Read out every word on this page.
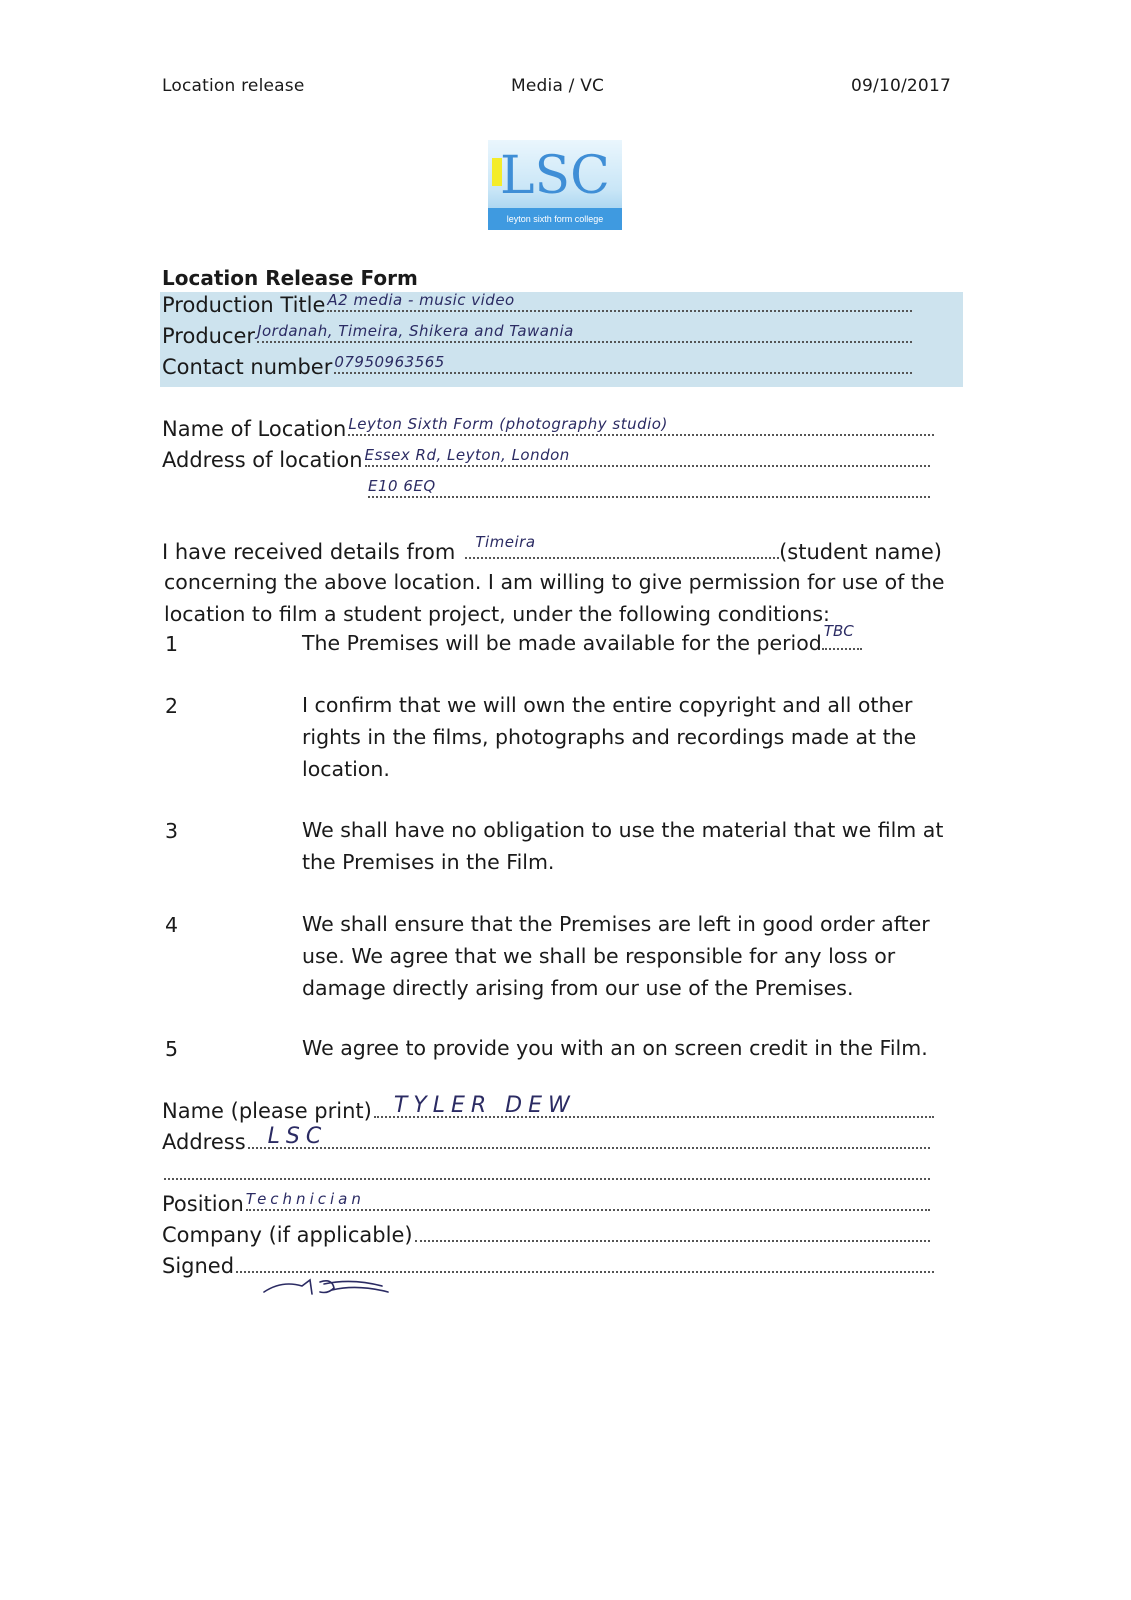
Location release	Media / VC	09/10/2017
LSC
leyton sixth form college
Location Release Form
Production Title A2 media - music video
Producer Jordanah, Timeira, Shikera and Tawania
Contact number 07950963565
Name of Location Leyton Sixth Form (photography studio)
Address of location Essex Rd, Leyton, London
E10 6EQ
I have received details from Timeira	(student name)
concerning the above location. I am willing to give permission for use of the location to film a student project, under the following conditions:
1	The Premises will be made available for the period TBC
2	I confirm that we will own the entire copyright and all other rights in the films, photographs and recordings made at the location.
3	We shall have no obligation to use the material that we film at the Premises in the Film.
4	We shall ensure that the Premises are left in good order after use. We agree that we shall be responsible for any loss or damage directly arising from our use of the Premises.
5	We agree to provide you with an on screen credit in the Film.
Name (please print) TYLER DEW
Address LSC
Position Technician
Company (if applicable)
Signed
